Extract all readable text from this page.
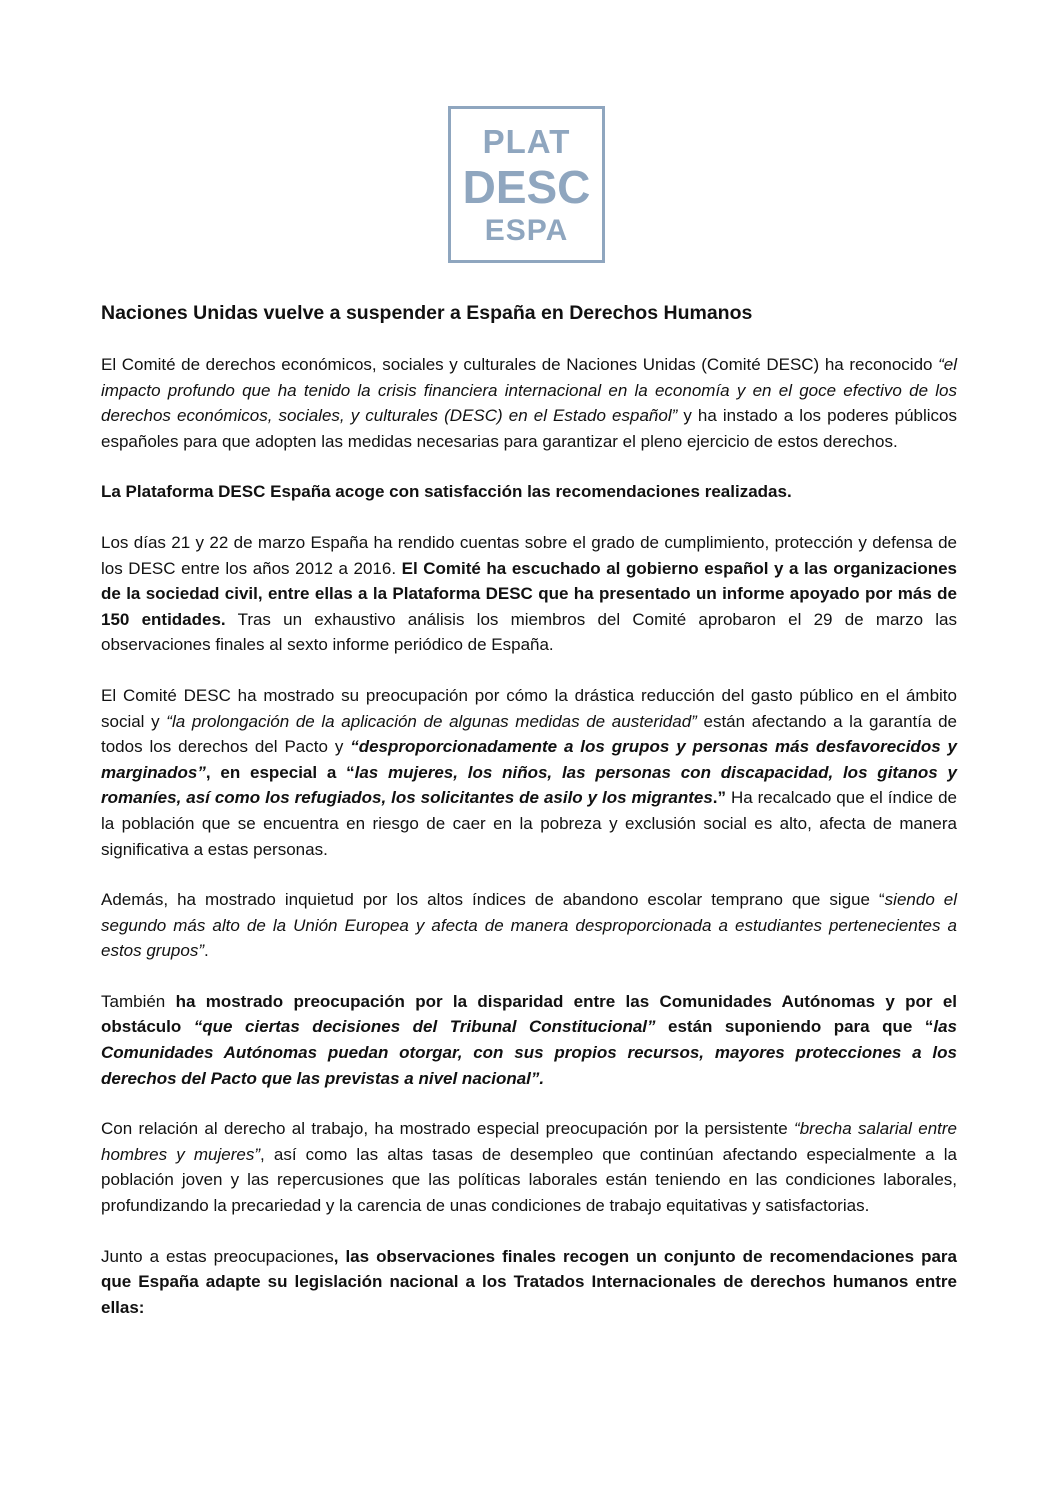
PLAT
DESC
ESPA
Naciones Unidas vuelve a suspender a España en Derechos Humanos

El Comité de derechos económicos, sociales y culturales de Naciones Unidas (Comité DESC) ha reconocido “el impacto profundo que ha tenido la crisis financiera internacional en la economía y en el goce efectivo de los derechos económicos, sociales, y culturales (DESC) en el Estado español” y ha instado a los poderes públicos españoles para que adopten las medidas necesarias para garantizar el pleno ejercicio de estos derechos.

La Plataforma DESC España acoge con satisfacción las recomendaciones realizadas.

Los días 21 y 22 de marzo España ha rendido cuentas sobre el grado de cumplimiento, protección y defensa de los DESC entre los años 2012 a 2016. El Comité ha escuchado al gobierno español y a las organizaciones de la sociedad civil, entre ellas a la Plataforma DESC que ha presentado un informe apoyado por más de 150 entidades. Tras un exhaustivo análisis los miembros del Comité aprobaron el 29 de marzo las observaciones finales al sexto informe periódico de España.

El Comité DESC ha mostrado su preocupación por cómo la drástica reducción del gasto público en el ámbito social y “la prolongación de la aplicación de algunas medidas de austeridad” están afectando a la garantía de todos los derechos del Pacto y “desproporcionadamente a los grupos y personas más desfavorecidos y marginados”, en especial a “las mujeres, los niños, las personas con discapacidad, los gitanos y romaníes, así como los refugiados, los solicitantes de asilo y los migrantes.” Ha recalcado que el índice de la población que se encuentra en riesgo de caer en la pobreza y exclusión social es alto, afecta de manera significativa a estas personas.

Además, ha mostrado inquietud por los altos índices de abandono escolar temprano que sigue “siendo el segundo más alto de la Unión Europea y afecta de manera desproporcionada a estudiantes pertenecientes a estos grupos”.

También ha mostrado preocupación por la disparidad entre las Comunidades Autónomas y por el obstáculo “que ciertas decisiones del Tribunal Constitucional” están suponiendo para que “las Comunidades Autónomas puedan otorgar, con sus propios recursos, mayores protecciones a los derechos del Pacto que las previstas a nivel nacional”.

Con relación al derecho al trabajo, ha mostrado especial preocupación por la persistente “brecha salarial entre hombres y mujeres”, así como las altas tasas de desempleo que continúan afectando especialmente a la población joven y las repercusiones que las políticas laborales están teniendo en las condiciones laborales, profundizando la precariedad y la carencia de unas condiciones de trabajo equitativas y satisfactorias.

Junto a estas preocupaciones, las observaciones finales recogen un conjunto de recomendaciones para que España adapte su legislación nacional a los Tratados Internacionales de derechos humanos entre ellas:
